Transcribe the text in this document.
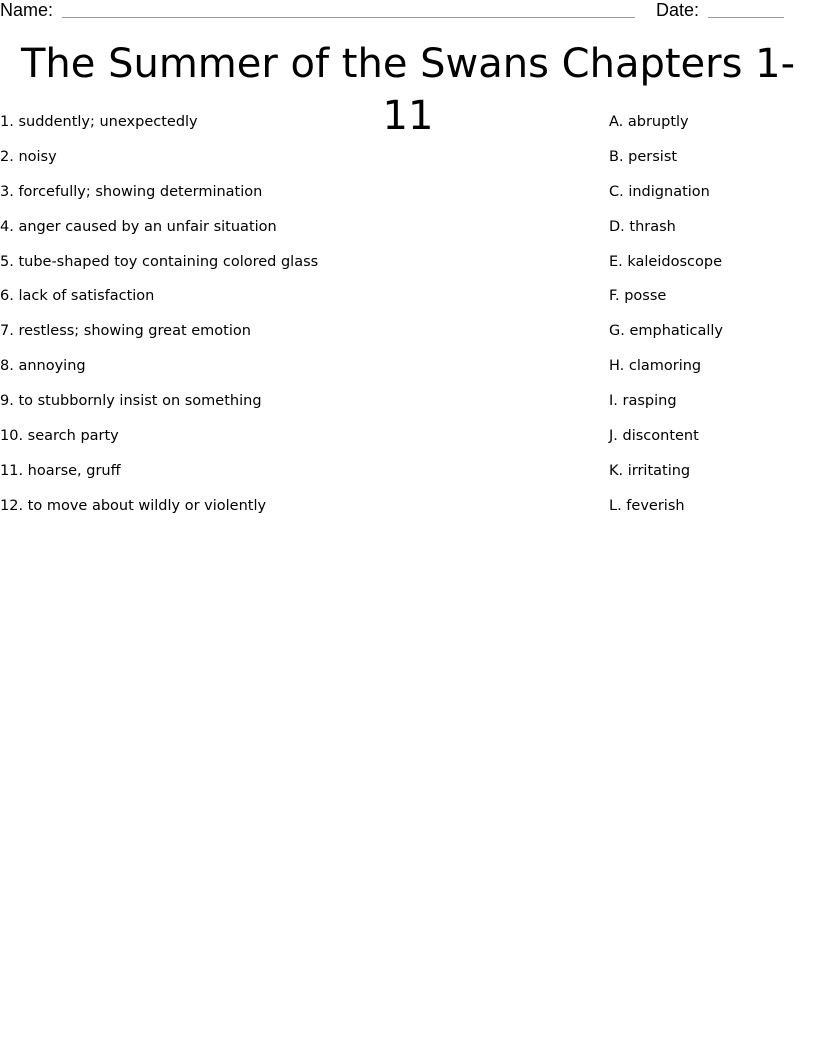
Name:	Date:
The Summer of the Swans Chapters 1-11
1. suddently; unexpectedly
2. noisy
3. forcefully; showing determination
4. anger caused by an unfair situation
5. tube-shaped toy containing colored glass
6. lack of satisfaction
7. restless; showing great emotion
8. annoying
9. to stubbornly insist on something
10. search party
11. hoarse, gruff
12. to move about wildly or violently
A. abruptly
B. persist
C. indignation
D. thrash
E. kaleidoscope
F. posse
G. emphatically
H. clamoring
I. rasping
J. discontent
K. irritating
L. feverish
